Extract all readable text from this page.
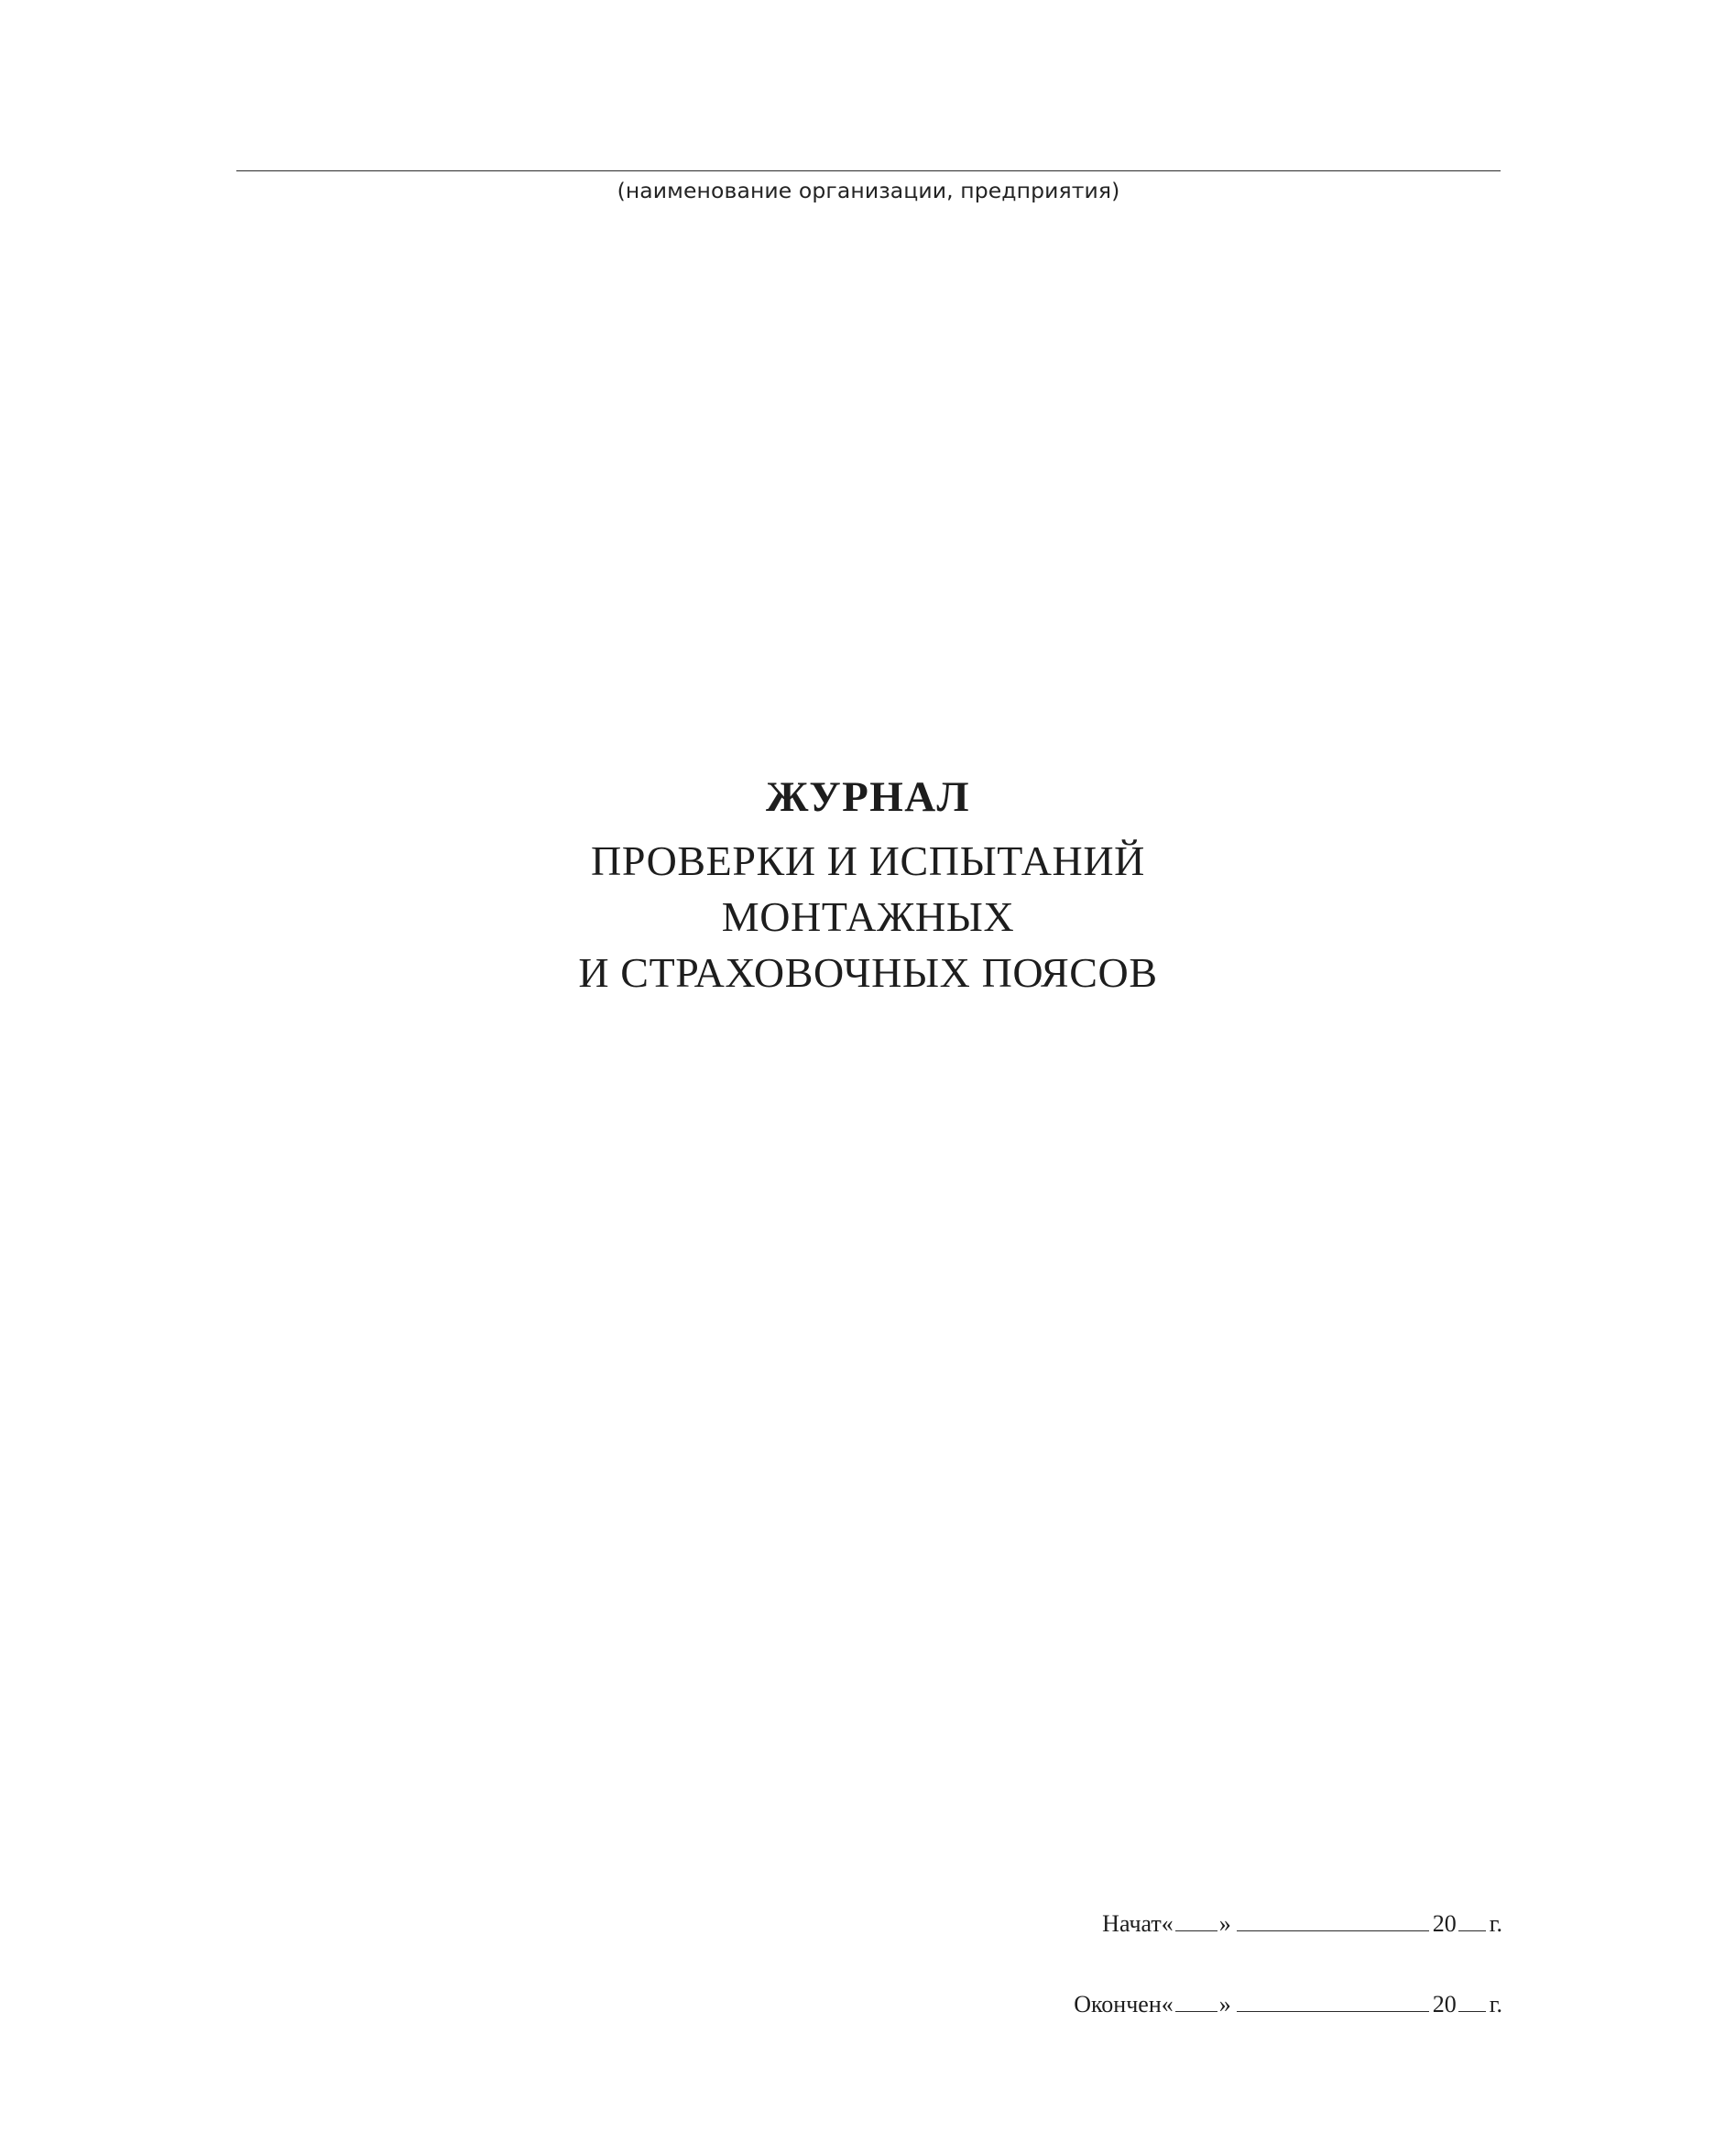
(наименование организации, предприятия)
ЖУРНАЛ
ПРОВЕРКИ И ИСПЫТАНИЙ
МОНТАЖНЫХ
И СТРАХОВОЧНЫХ ПОЯСОВ
Начат « »	20 г.
Окончен « »	20 г.
